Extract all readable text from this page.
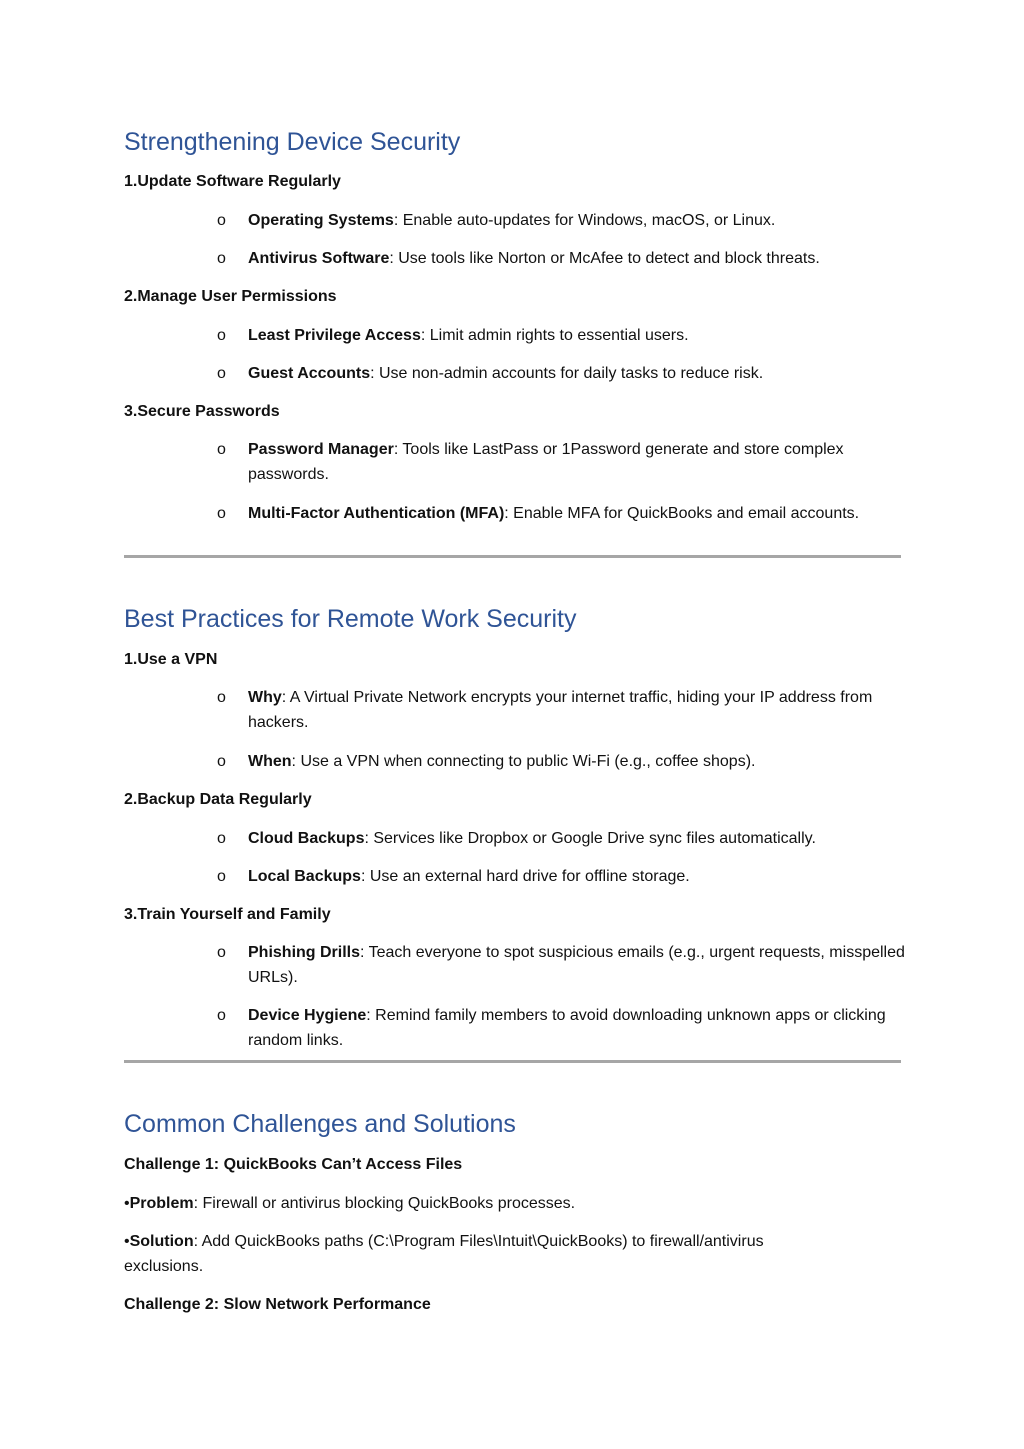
Strengthening Device Security
1.Update Software Regularly
o Operating Systems: Enable auto-updates for Windows, macOS, or Linux.
o Antivirus Software: Use tools like Norton or McAfee to detect and block threats.
2.Manage User Permissions
o Least Privilege Access: Limit admin rights to essential users.
o Guest Accounts: Use non-admin accounts for daily tasks to reduce risk.
3.Secure Passwords
o Password Manager: Tools like LastPass or 1Password generate and store complex passwords.
o Multi-Factor Authentication (MFA): Enable MFA for QuickBooks and email accounts.
Best Practices for Remote Work Security
1.Use a VPN
o Why: A Virtual Private Network encrypts your internet traffic, hiding your IP address from hackers.
o When: Use a VPN when connecting to public Wi-Fi (e.g., coffee shops).
2.Backup Data Regularly
o Cloud Backups: Services like Dropbox or Google Drive sync files automatically.
o Local Backups: Use an external hard drive for offline storage.
3.Train Yourself and Family
o Phishing Drills: Teach everyone to spot suspicious emails (e.g., urgent requests, misspelled URLs).
o Device Hygiene: Remind family members to avoid downloading unknown apps or clicking random links.
Common Challenges and Solutions
Challenge 1: QuickBooks Can’t Access Files
•Problem: Firewall or antivirus blocking QuickBooks processes.
•Solution: Add QuickBooks paths (C:\Program Files\Intuit\QuickBooks) to firewall/antivirus exclusions.
Challenge 2: Slow Network Performance
